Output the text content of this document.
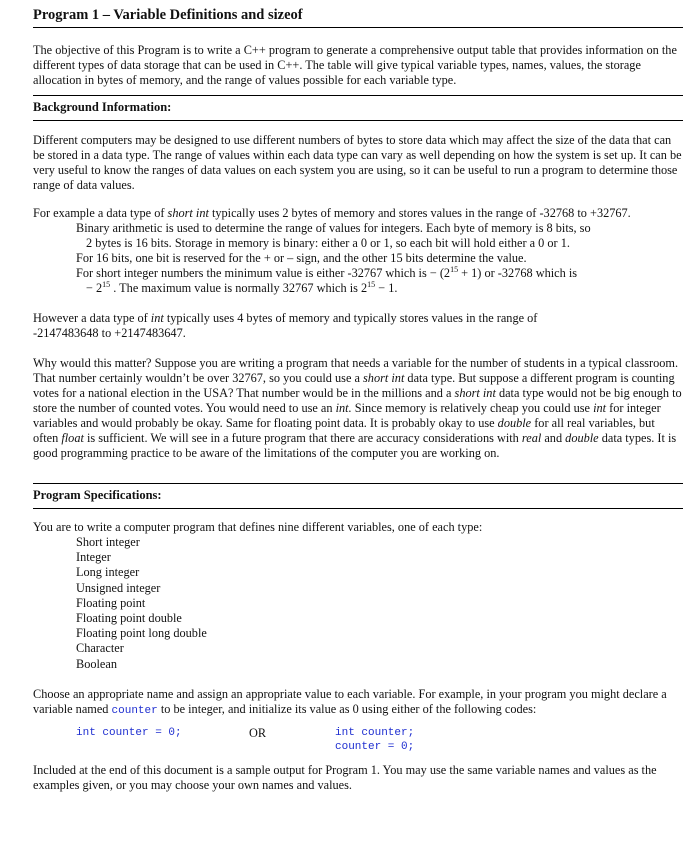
Program 1 – Variable Definitions and sizeof

The objective of this Program is to write a C++ program to generate a comprehensive output table that provides information on the different types of data storage that can be used in C++. The table will give typical variable types, names, values, the storage allocation in bytes of memory, and the range of values possible for each variable type.

Background Information:

Different computers may be designed to use different numbers of bytes to store data which may affect the size of the data that can be stored in a data type. The range of values within each data type can vary as well depending on how the system is set up. It can be very useful to know the ranges of data values on each system you are using, so it can be useful to run a program to determine those range of data values.

For example a data type of short int typically uses 2 bytes of memory and stores values in the range of -32768 to +32767.

Binary arithmetic is used to determine the range of values for integers. Each byte of memory is 8 bits, so
2 bytes is 16 bits. Storage in memory is binary: either a 0 or 1, so each bit will hold either a 0 or 1.
For 16 bits, one bit is reserved for the + or – sign, and the other 15 bits determine the value.
For short integer numbers the minimum value is either -32767 which is − $(2^{15} + 1)$ or -32768 which is
− $2^{15}$ . The maximum value is normally 32767 which is $2^{15} - 1$.

However a data type of int typically uses 4 bytes of memory and typically stores values in the range of -2147483648 to +2147483647.

Why would this matter? Suppose you are writing a program that needs a variable for the number of students in a typical classroom. That number certainly wouldn’t be over 32767, so you could use a short int data type. But suppose a different program is counting votes for a national election in the USA? That number would be in the millions and a short int data type would not be big enough to store the number of counted votes. You would need to use an int. Since memory is relatively cheap you could use int for integer variables and would probably be okay. Same for floating point data. It is probably okay to use double for all real variables, but often float is sufficient. We will see in a future program that there are accuracy considerations with real and double data types. It is good programming practice to be aware of the limitations of the computer you are working on.

Program Specifications:

You are to write a computer program that defines nine different variables, one of each type:

Short integer
Integer
Long integer
Unsigned integer
Floating point
Floating point double
Floating point long double
Character
Boolean

Choose an appropriate name and assign an appropriate value to each variable. For example, in your program you might declare a variable named counter to be integer, and initialize its value as 0 using either of the following codes:

int counter = 0;	OR	int counter;
counter = 0;

Included at the end of this document is a sample output for Program 1. You may use the same variable names and values as the examples given, or you may choose your own names and values.
